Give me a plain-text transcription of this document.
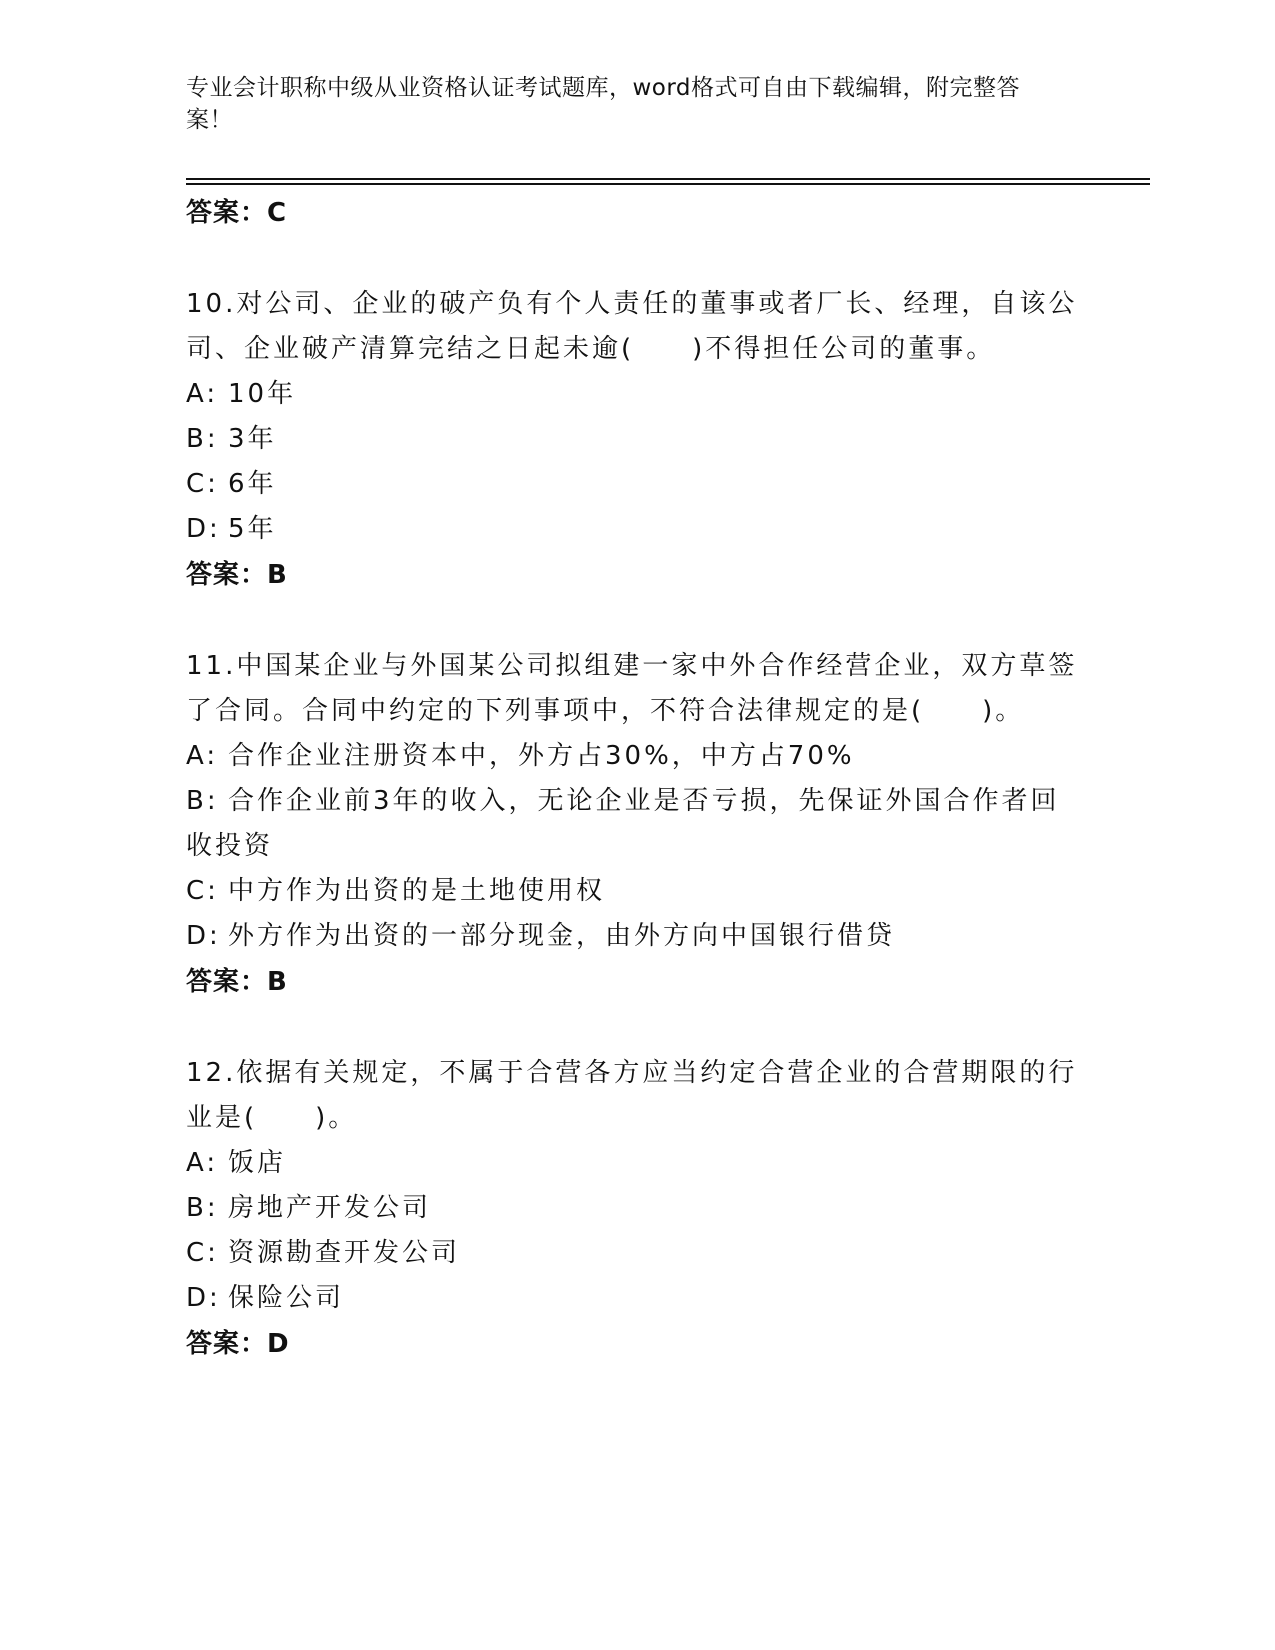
专业会计职称中级从业资格认证考试题库，word格式可自由下载编辑，附完整答案！

答案：C

10.对公司、企业的破产负有个人责任的董事或者厂长、经理，自该公司、企业破产清算完结之日起未逾(　　)不得担任公司的董事。

A: 10年

B: 3年

C: 6年

D: 5年

答案：B

11.中国某企业与外国某公司拟组建一家中外合作经营企业，双方草签了合同。合同中约定的下列事项中，不符合法律规定的是(　　)。

A: 合作企业注册资本中，外方占30%，中方占70%

B: 合作企业前3年的收入，无论企业是否亏损，先保证外国合作者回收投资

C: 中方作为出资的是土地使用权

D: 外方作为出资的一部分现金，由外方向中国银行借贷

答案：B

12.依据有关规定，不属于合营各方应当约定合营企业的合营期限的行业是(　　)。

A: 饭店

B: 房地产开发公司

C: 资源勘查开发公司

D: 保险公司

答案：D
